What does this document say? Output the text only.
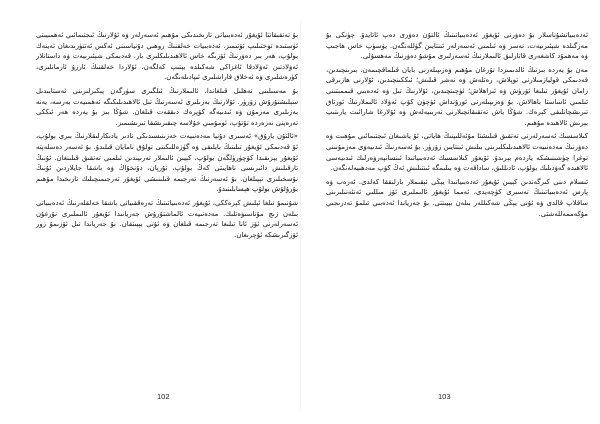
بۇ تەتقىقاتتا ئۇيغۇر ئەدەبىياتى تارىخىدىكى مۇھىم ئەسەرلەر ۋە ئۇلارنىڭ ئىجتىمائىي ئەھمىيىتى ئۈستىدە توختىلىپ ئۆتىمىز. ئەدەبىيات خەلقنىڭ روھىي دۇنياسىنى ئەكس ئەتتۈرىدىغان ئەينەك بولۇپ، ھەر بىر دەۋرنىڭ ئۆزىگە خاس ئالاھىدىلىكلىرى بار. قەدىمكى شېئىرىيەت ۋە داستانلار ئەۋلادتىن ئەۋلادقا ئاغزاكى شەكىلدە يېتىپ كەلگەن، ئۇلاردا خەلقنىڭ ئارزۇ ئارمانلىرى، كۈرەشلىرى ۋە ئەخلاق قاراشلىرى ئىپادىلەنگەن.

بۇ مەسىلىنى تەھلىل قىلغاندا، ئالىملارنىڭ ئىلگىرى سۈرگەن پىكىرلىرىنى ئەستايىدىل سېلىشتۇرۇش زۆرۈر. ئۇلارنىڭ بەزىلىرى ئەسەرنىڭ تىل ئالاھىدىلىكىگە ئەھمىيەت بەرسە، يەنە بەزىلىرى مەزمۇن ۋە ئىدىيەگە كۆپرەك دىققەت قىلغان. شۇڭا بىز بۇ يەردە ھەر ئىككى تەرەپنى نەزەردە تۇتۇپ، ئومۇمىي خۇلاسە چىقىرىشقا تىرىشىمىز.

«ئالتۇن يارۇق» ئەسىرى دۇنيا مەدەنىيەت خەزىنىسىدىكى نادىر يادىكارلىقلارنىڭ بىرى بولۇپ، ئۇ قەدىمكى ئۇيغۇر تىلىنىڭ بايلىقى ۋە گۈزەللىكىنى تولۇق نامايان قىلىدۇ. بۇ ئەسەر دەسلەپتە ئۇيغۇر يېزىقىدا كۆچۈرۈلگەن بولۇپ، كېيىن ئالىملار تەرىپىدىن ئىلمىي تەتقىق قىلىنغان. ئۇنىڭ تارقىلىش دائىرىسى ناھايىتى كەڭ بولۇپ، تۇرپان، دۇنخۇاڭ ۋە باشقا جايلاردىن ئۇنىڭ نۇسخىلىرى تېپىلغان. بۇ ئەسەرنىڭ تەرجىمە قىلىنىشى ئۇيغۇر تەرجىمىچىلىك تارىخىدا مۇھىم بۇرۇلۇش بولۇپ ھېسابلىنىدۇ.

شۇنىمۇ تىلغا ئېلىش كېرەككى، ئۇيغۇر ئەدەبىياتىنىڭ تەرەققىياتى باشقا خەلقلەرنىڭ ئەدەبىياتى بىلەن زىچ مۇناسىۋەتلىك. مەدەنىيەت ئالماشتۇرۇش جەريانىدا ئۇيغۇر ئالىملىرى نۇرغۇن ئەسەرلەرنى ئۆز ئانا تىلىغا تەرجىمە قىلغان ۋە ئۇنى بېيىتقان. بۇ جەرياندا تىل ئۆزىمۇ زور ئۆزگىرىشكە ئۇچرىغان.

ئەدەبىياتشۇناسلار بۇ دەۋرنى ئۇيغۇر ئەدەبىياتىنىڭ ئالتۇن دەۋرى دەپ ئاتايدۇ. چۈنكى بۇ مەزگىلدە شېئىرىيەت، نەسر ۋە ئىلمىي ئەسەرلەر ئىنتايىن گۈللەنگەن. يۈسۈپ خاس ھاجىپ ۋە مەھمۇد كاشغەرى قاتارلىق ئالىملارنىڭ ئەسەرلىرى مۇشۇ دەۋرنىڭ مەھسۇلى.

مەن بۇ يەردە بىزنىڭ ئالدىمىزدا تۇرغان مۇھىم ۋەزىپىلەرنى بايان قىلماقچىمەن. بىرىنچىدىن، قەدىمكى قوليازمىلارنى توپلاش، رەتلەش ۋە نەشر قىلىش؛ ئىككىنچىدىن، ئۇلارنى ھازىرقى زامان ئۇيغۇر تىلىغا ئۆرۈش ۋە ئىزاھلاش؛ ئۈچىنچىدىن، ئۇلارنىڭ تىل ۋە ئەدەبىي قىممىتىنى ئىلمىي ئاساستا باھالاش. بۇ ۋەزىپىلەرنى ئورۇنداش ئۈچۈن كۆپ ئەۋلاد ئالىملارنىڭ ئورتاق تىرىشچانلىقى كېرەك. شۇڭا ياش تەتقىقاتچىلارنى تەربىيەلەش ۋە ئۇلارغا شارائىت يارىتىپ بېرىش ئالاھىدە مۇھىم.

كىلاسسىك ئەسەرلەرنى تەتقىق قىلىشتا مۇئەللىپنىڭ ھاياتى، ئۇ ياشىغان ئىجتىمائىي مۇھىت ۋە دەۋرنىڭ مەدەنىيەت ئالاھىدىلىكلىرىنى بىلىش ئىنتايىن زۆرۈر. بۇ ئەسەرنىڭ ئىدىيەۋى مەزمۇنىنى توغرا چۈشىنىشكە ياردەم بېرىدۇ. ئۇيغۇر كىلاسسىك ئەدەبىياتىدا ئىنسانپەرۋەرلىك ئىدىيەسى ئالاھىدە گەۋدىلىك بولۇپ، ئادىللىق، ساداقەت ۋە بىلىمگە ئىنتىلىش ئەڭ كۆپ مەدھىيەلەنگەن.

ئىسلام دىنى كىرگەندىن كېيىن ئۇيغۇر ئەدەبىياتىدا يېڭى ئېقىملار بارلىققا كەلدى. ئەرەب ۋە پارس ئەدەبىياتىنىڭ تەسىرى كۈچەيدى، ئەمما ئۇيغۇر ئالىملىرى ئۆز مىللىي ئەنئەنىلىرىنى ساقلاپ قالدى ۋە ئۇنى يېڭى شەكىللەر بىلەن بېيىتتى. بۇ جەرياندا ئەدەبىي تىلمۇ تەدرىجىي مۇكەممەللەشتى.

102	103
